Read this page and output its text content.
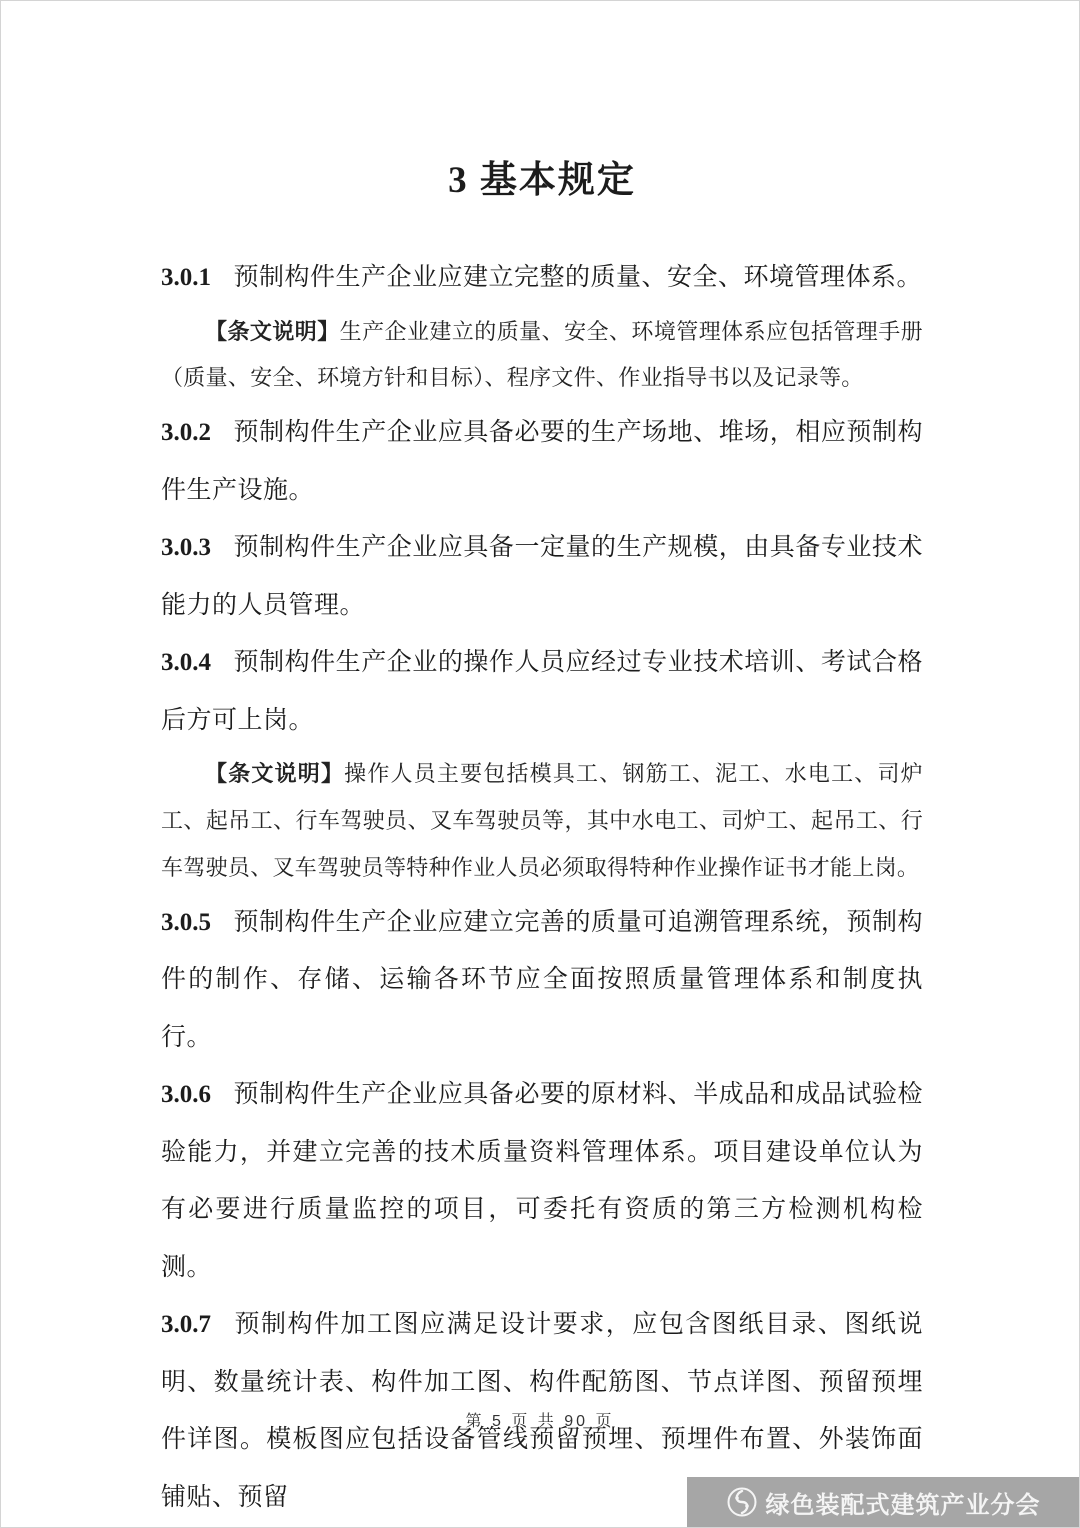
3 基本规定

3.0.1 预制构件生产企业应建立完整的质量、安全、环境管理体系。

【条文说明】生产企业建立的质量、安全、环境管理体系应包括管理手册（质量、安全、环境方针和目标）、程序文件、作业指导书以及记录等。

3.0.2 预制构件生产企业应具备必要的生产场地、堆场，相应预制构件生产设施。

3.0.3 预制构件生产企业应具备一定量的生产规模，由具备专业技术能力的人员管理。

3.0.4 预制构件生产企业的操作人员应经过专业技术培训、考试合格后方可上岗。

【条文说明】操作人员主要包括模具工、钢筋工、泥工、水电工、司炉工、起吊工、行车驾驶员、叉车驾驶员等，其中水电工、司炉工、起吊工、行车驾驶员、叉车驾驶员等特种作业人员必须取得特种作业操作证书才能上岗。

3.0.5 预制构件生产企业应建立完善的质量可追溯管理系统，预制构件的制作、存储、运输各环节应全面按照质量管理体系和制度执行。

3.0.6 预制构件生产企业应具备必要的原材料、半成品和成品试验检验能力，并建立完善的技术质量资料管理体系。项目建设单位认为有必要进行质量监控的项目，可委托有资质的第三方检测机构检测。

3.0.7 预制构件加工图应满足设计要求，应包含图纸目录、图纸说明、数量统计表、构件加工图、构件配筋图、节点详图、预留预埋件详图。模板图应包括设备管线预留预埋、预埋件布置、外装饰面铺贴、预留

第 5 页 共 90 页
绿色装配式建筑产业分会
